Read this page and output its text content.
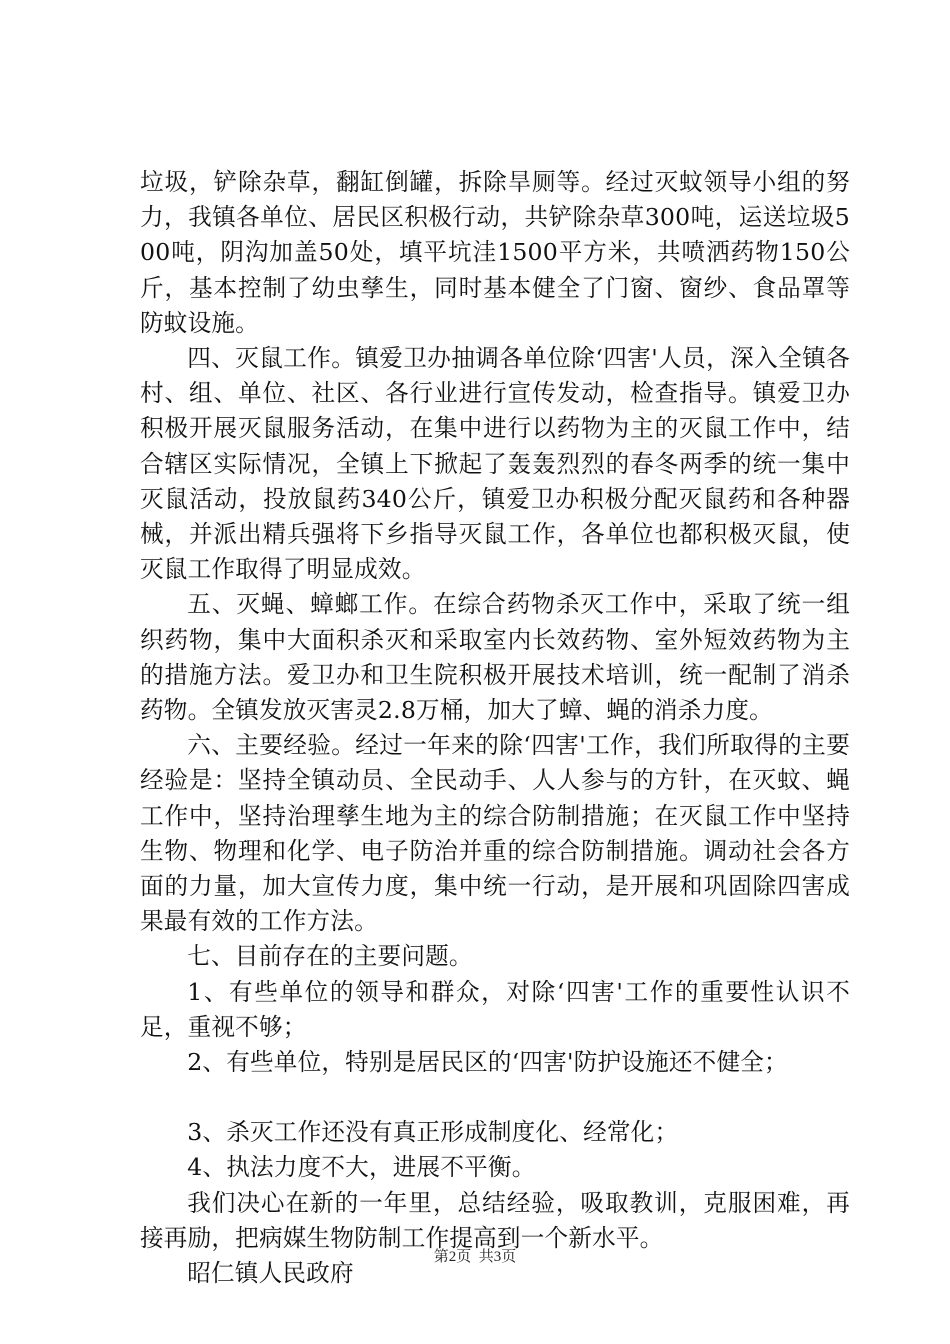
垃圾，铲除杂草，翻缸倒罐，拆除旱厕等。经过灭蚊领导小组的努力，我镇各单位、居民区积极行动，共铲除杂草300吨，运送垃圾500吨，阴沟加盖50处，填平坑洼1500平方米，共喷洒药物150公斤，基本控制了幼虫孳生，同时基本健全了门窗、窗纱、食品罩等防蚊设施。

四、灭鼠工作。镇爱卫办抽调各单位除‘四害'人员，深入全镇各村、组、单位、社区、各行业进行宣传发动，检查指导。镇爱卫办积极开展灭鼠服务活动，在集中进行以药物为主的灭鼠工作中，结合辖区实际情况，全镇上下掀起了轰轰烈烈的春冬两季的统一集中灭鼠活动，投放鼠药340公斤，镇爱卫办积极分配灭鼠药和各种器械，并派出精兵强将下乡指导灭鼠工作，各单位也都积极灭鼠，使灭鼠工作取得了明显成效。

五、灭蝇、蟑螂工作。在综合药物杀灭工作中，采取了统一组织药物，集中大面积杀灭和采取室内长效药物、室外短效药物为主的措施方法。爱卫办和卫生院积极开展技术培训，统一配制了消杀药物。全镇发放灭害灵2.8万桶，加大了蟑、蝇的消杀力度。

六、主要经验。经过一年来的除‘四害'工作，我们所取得的主要经验是：坚持全镇动员、全民动手、人人参与的方针，在灭蚊、蝇工作中，坚持治理孳生地为主的综合防制措施；在灭鼠工作中坚持生物、物理和化学、电子防治并重的综合防制措施。调动社会各方面的力量，加大宣传力度，集中统一行动，是开展和巩固除四害成果最有效的工作方法。

七、目前存在的主要问题。

1、有些单位的领导和群众，对除‘四害'工作的重要性认识不足，重视不够；

2、有些单位，特别是居民区的‘四害'防护设施还不健全；

3、杀灭工作还没有真正形成制度化、经常化；

4、执法力度不大，进展不平衡。

我们决心在新的一年里，总结经验，吸取教训，克服困难，再接再励，把病媒生物防制工作提高到一个新水平。

昭仁镇人民政府

第2页  共3页
